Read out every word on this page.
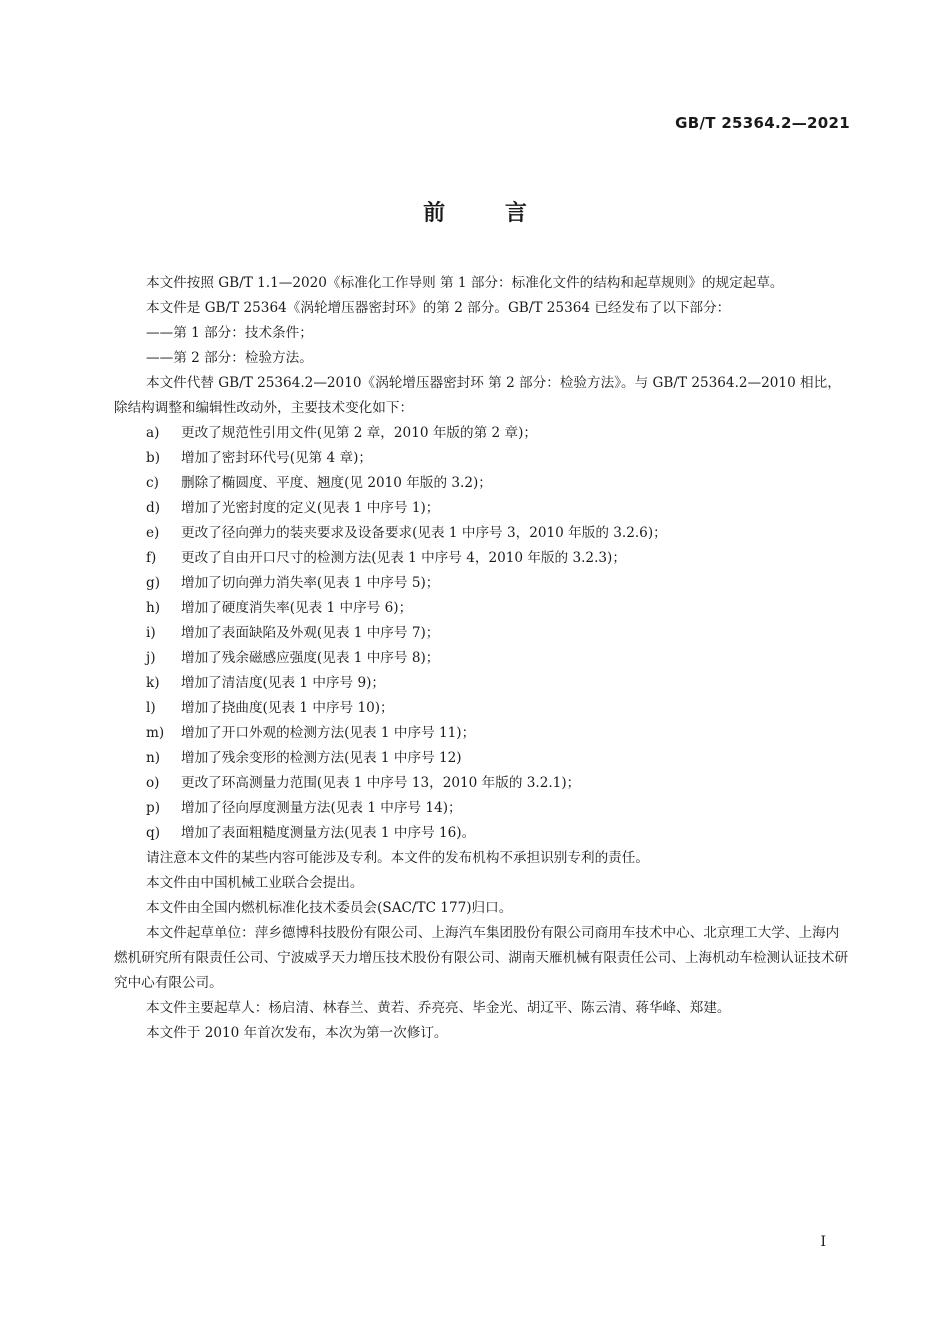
GB/T 25364.2—2021
前 言

本文件按照 GB/T 1.1—2020《标准化工作导则 第 1 部分：标准化文件的结构和起草规则》的规定起草。

本文件是 GB/T 25364《涡轮增压器密封环》的第 2 部分。GB/T 25364 已经发布了以下部分：

——第 1 部分：技术条件；

——第 2 部分：检验方法。

本文件代替 GB/T 25364.2—2010《涡轮增压器密封环 第 2 部分：检验方法》。与 GB/T 25364.2—2010 相比，除结构调整和编辑性改动外，主要技术变化如下：

a)	更改了规范性引用文件(见第 2 章，2010 年版的第 2 章)；

b)	增加了密封环代号(见第 4 章)；

c)	删除了椭圆度、平度、翘度(见 2010 年版的 3.2)；

d)	增加了光密封度的定义(见表 1 中序号 1)；

e)	更改了径向弹力的装夹要求及设备要求(见表 1 中序号 3，2010 年版的 3.2.6)；

f)	更改了自由开口尺寸的检测方法(见表 1 中序号 4，2010 年版的 3.2.3)；

g)	增加了切向弹力消失率(见表 1 中序号 5)；

h)	增加了硬度消失率(见表 1 中序号 6)；

i)	增加了表面缺陷及外观(见表 1 中序号 7)；

j)	增加了残余磁感应强度(见表 1 中序号 8)；

k)	增加了清洁度(见表 1 中序号 9)；

l)	增加了挠曲度(见表 1 中序号 10)；

m)	增加了开口外观的检测方法(见表 1 中序号 11)；

n)	增加了残余变形的检测方法(见表 1 中序号 12)

o)	更改了环高测量力范围(见表 1 中序号 13，2010 年版的 3.2.1)；

p)	增加了径向厚度测量方法(见表 1 中序号 14)；

q)	增加了表面粗糙度测量方法(见表 1 中序号 16)。

请注意本文件的某些内容可能涉及专利。本文件的发布机构不承担识别专利的责任。

本文件由中国机械工业联合会提出。

本文件由全国内燃机标准化技术委员会(SAC/TC 177)归口。

本文件起草单位：萍乡德博科技股份有限公司、上海汽车集团股份有限公司商用车技术中心、北京理工大学、上海内燃机研究所有限责任公司、宁波威孚天力增压技术股份有限公司、湖南天雁机械有限责任公司、上海机动车检测认证技术研究中心有限公司。

本文件主要起草人：杨启清、林春兰、黄若、乔亮亮、毕金光、胡辽平、陈云清、蒋华峰、郑建。

本文件于 2010 年首次发布，本次为第一次修订。

I
